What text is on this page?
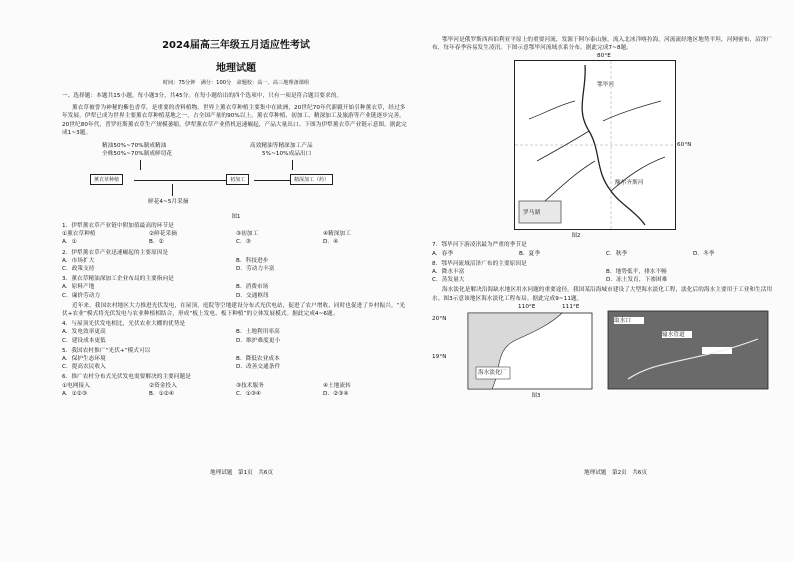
2024届高三年级五月适应性考试
地理试题
时间：75分钟　满分：100分　命题校：高一、高三地理备课组
一、选择题：本题共15小题，每小题3分，共45分。在每小题给出的四个选项中，只有一项是符合题目要求的。
薰衣草被誉为神秘的紫色香草，是重要的香料植物。世界上薰衣草种植主要集中在欧洲，20世纪70年代新疆开始引种薰衣草，经过多年发展，伊犁已成为世界主要薰衣草种植基地之一，占全国产量的90%以上。薰衣草种植、初加工、精深加工及旅游等产业链逐步完善。20世纪80年代，普罗旺斯薰衣草生产规模萎缩，伊犁薰衣草产业借机迅速崛起，产品大量出口。下图为伊犁薰衣草产业链示意图。据此完成1~3题。
精油50%~70%制成精油
全株50%~70%制成鲜切花
高效精油等精深加工产品
5%~10%成品出口
薰衣草种植	初加工	精深加工（药）
鲜花4~5月采摘
图1
1．伊犁薰衣草产业链中附加值最高的环节是
①薰衣草种植	②鲜花采摘	③初加工	④精深加工
A．①	B．②	C．③	D．④
2．伊犁薰衣草产业迅速崛起的主要原因是
A．市场扩大	B．科技进步
C．政策支持	D．劳动力丰富
3．薰衣草精油深加工企业布局的主要指向是
A．原料产地	B．消费市场
C．廉价劳动力	D．交通枢纽
近年来，我国农村地区大力推进光伏发电，在屋顶、庭院等空地建设分布式光伏电站，促进了农户增收，同时也促进了乡村振兴。“光伏+农业”模式将光伏发电与农业种植相结合，形成“板上发电、板下种植”的立体发展模式。据此完成4~6题。
4．与屋顶光伏发电相比，光伏农业大棚的优势是
A．发电效率更高	B．土地利用率高
C．建设成本更低	D．维护难度更小
5．我国农村推广“光伏+”模式可以
A．保护生态环境	B．降低农业成本
C．提高农民收入	D．改善交通条件
6．推广农村分布式光伏发电需要解决的主要问题是
①电网接入	②资金投入	③技术服务	④土地流转
A．①②③	B．①②④	C．①③④	D．②③④
地理试题　第1页　共6页
鄂毕河是俄罗斯西西伯利亚平原上的重要河流，发源于阿尔泰山脉，流入北冰洋喀拉海。河流流经地区地势平坦，河网密布，沼泽广布，每年春季容易发生凌汛。下图示意鄂毕河流域水系分布。据此完成7~8题。
80°E
60°N
鄂毕河
额尔齐斯河
罗马湖
图2
7．鄂毕河下游凌汛最为严重的季节是
A．春季	B．夏季	C．秋季	D．冬季
8．鄂毕河流域沼泽广布的主要原因是
A．降水丰富	B．地势低平，排水不畅
C．蒸发量大	D．冻土发育，下渗困难
海水淡化是解决沿海缺水地区用水问题的重要途径。我国某沿海城市建设了大型海水淡化工程，淡化后的海水主要用于工业和生活用水。图3示意该地区海水淡化工程布局。据此完成9~11题。
20°N
19°N
110°E	111°E
海水淡化厂
取水口
输水管道
图3
地理试题　第2页　共6页
